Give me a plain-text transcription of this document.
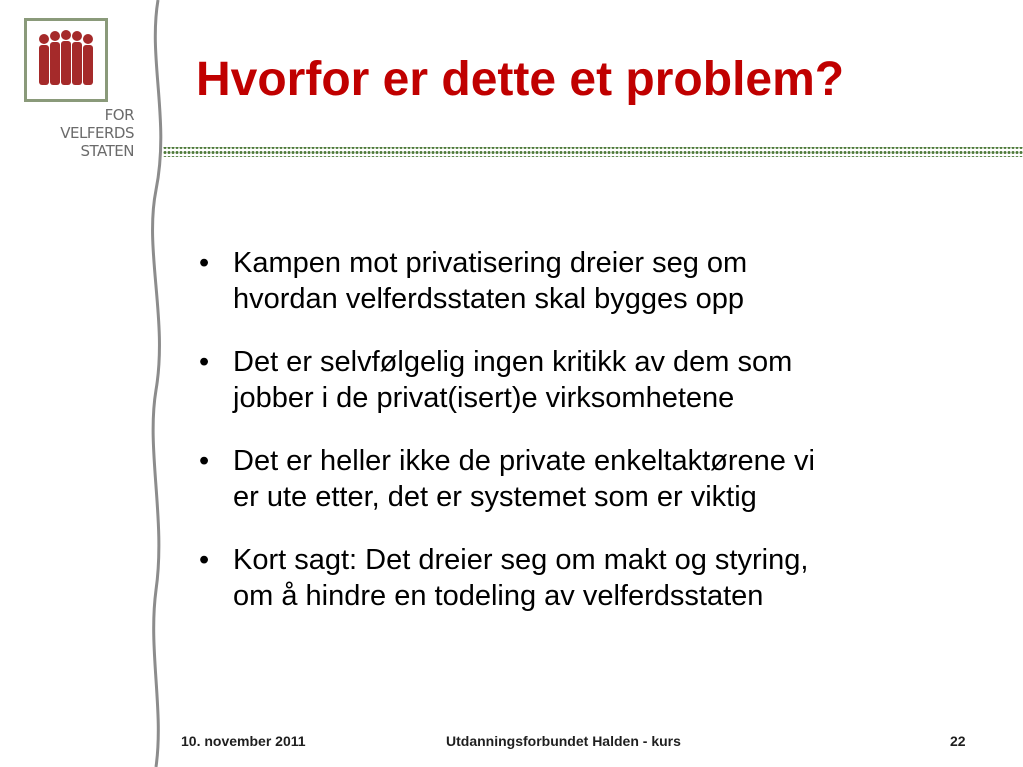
FOR
VELFERDS
STATEN
Hvorfor er dette et problem?
• Kampen mot privatisering dreier seg om
hvordan velferdsstaten skal bygges opp
• Det er selvfølgelig ingen kritikk av dem som
jobber i de privat(isert)e virksomhetene
• Det er heller ikke de private enkeltaktørene vi
er ute etter, det er systemet som er viktig
• Kort sagt: Det dreier seg om makt og styring,
om å hindre en todeling av velferdsstaten
10. november 2011	Utdanningsforbundet Halden - kurs	22
